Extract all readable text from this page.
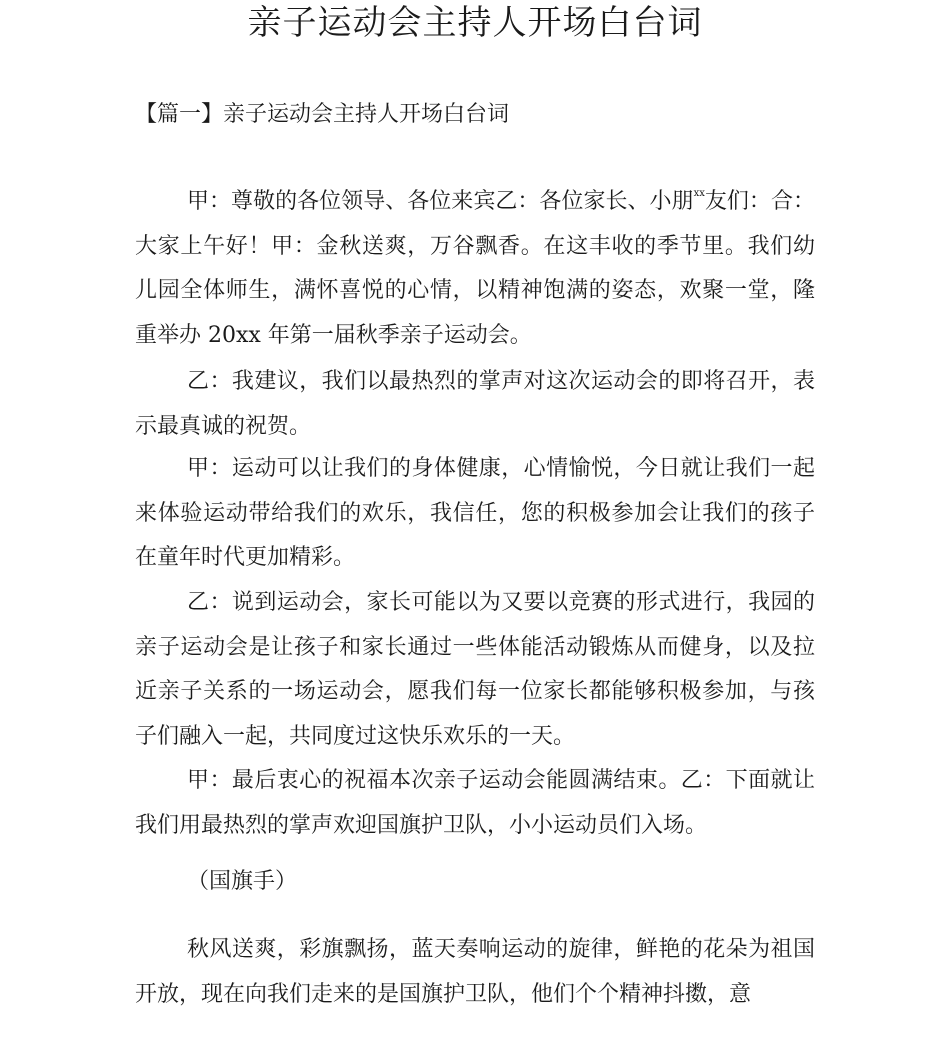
亲子运动会主持人开场白台词
【篇一】亲子运动会主持人开场白台词

甲：尊敬的各位领导、各位来宾乙：各位家长、小朋$^{xx}$友们：合：大家上午好！甲：金秋送爽，万谷飘香。在这丰收的季节里。我们幼儿园全体师生，满怀喜悦的心情，以精神饱满的姿态，欢聚一堂，隆重举办 20xx 年第一届秋季亲子运动会。

乙：我建议，我们以最热烈的掌声对这次运动会的即将召开，表示最真诚的祝贺。

甲：运动可以让我们的身体健康，心情愉悦，今日就让我们一起来体验运动带给我们的欢乐，我信任，您的积极参加会让我们的孩子在童年时代更加精彩。

乙：说到运动会，家长可能以为又要以竞赛的形式进行，我园的亲子运动会是让孩子和家长通过一些体能活动锻炼从而健身，以及拉近亲子关系的一场运动会，愿我们每一位家长都能够积极参加，与孩子们融入一起，共同度过这快乐欢乐的一天。

甲：最后衷心的祝福本次亲子运动会能圆满结束。乙：下面就让我们用最热烈的掌声欢迎国旗护卫队，小小运动员们入场。

（国旗手）

秋风送爽，彩旗飘扬，蓝天奏响运动的旋律，鲜艳的花朵为祖国开放，现在向我们走来的是国旗护卫队，他们个个精神抖擞，意
